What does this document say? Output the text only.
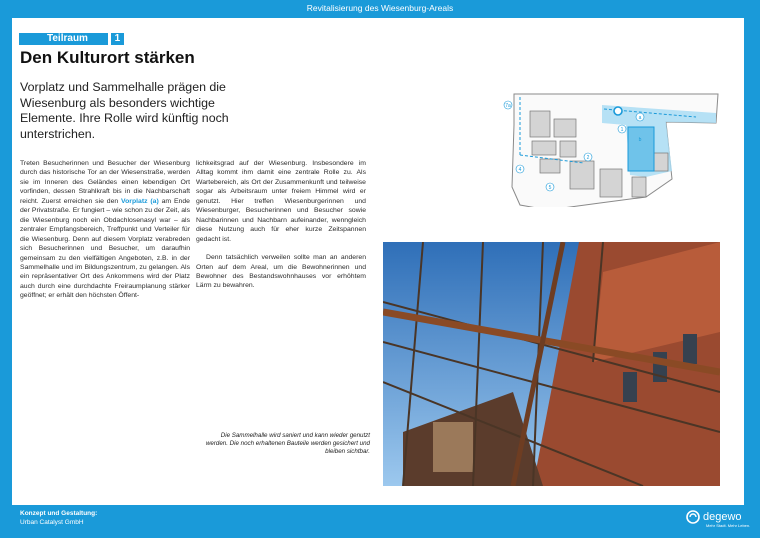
Revitalisierung des Wiesenburg-Areals
Teilraum	1
Den Kulturort stärken
Vorplatz und Sammelhalle prägen die Wiesenburg als besonders wichtige Elemente. Ihre Rolle wird künftig noch unterstrichen.

Treten Besucherinnen und Besucher der Wiesenburg durch das historische Tor an der Wiesenstraße, werden sie im Inneren des Geländes einen lebendigen Ort vorfinden, dessen Strahlkraft bis in die Nachbarschaft reicht. Zuerst erreichen sie den Vorplatz (a) am Ende der Privatstraße. Er fungiert – wie schon zu der Zeit, als die Wiesenburg noch ein Obdachlosenasyl war – als zentraler Empfangsbereich, Treffpunkt und Verteiler für die Wiesenburg. Denn auf diesem Vorplatz verabreden sich Besucherinnen und Besucher, um daraufhin gemeinsam zu den vielfältigen Angeboten, z.B. in der Sammelhalle und im Bildungszentrum, zu gelangen. Als ein repräsentativer Ort des Ankommens wird der Platz auch durch eine durchdachte Freiraumplanung stärker geöffnet; er erhält den höchsten Öffent-

lichkeitsgrad auf der Wiesenburg. Insbesondere im Alltag kommt ihm damit eine zentrale Rolle zu. Als Wartebereich, als Ort der Zusammenkunft und teilweise sogar als Arbeitsraum unter freiem Himmel wird er genutzt. Hier treffen Wiesenburgerinnen und Wiesenburger, Besucherinnen und Besucher sowie Nachbarinnen und Nachbarn aufeinander, wenngleich diese Nutzung auch für eher kurze Zeitspannen gedacht ist.

Denn tatsächlich verweilen sollte man an anderen Orten auf dem Areal, um die Bewohnerinnen und Bewohner des Bestandswohnhauses vor erhöhtem Lärm zu bewahren.

7a
a
b
1
2
4
5
Die Sammelhalle wird saniert und kann wieder genutzt werden. Die noch erhaltenen Bauteile werden gesichert und bleiben sichtbar.
Konzept und Gestaltung:
Urban Catalyst GmbH	degewo
Mehr Stadt. Mehr Leben.
